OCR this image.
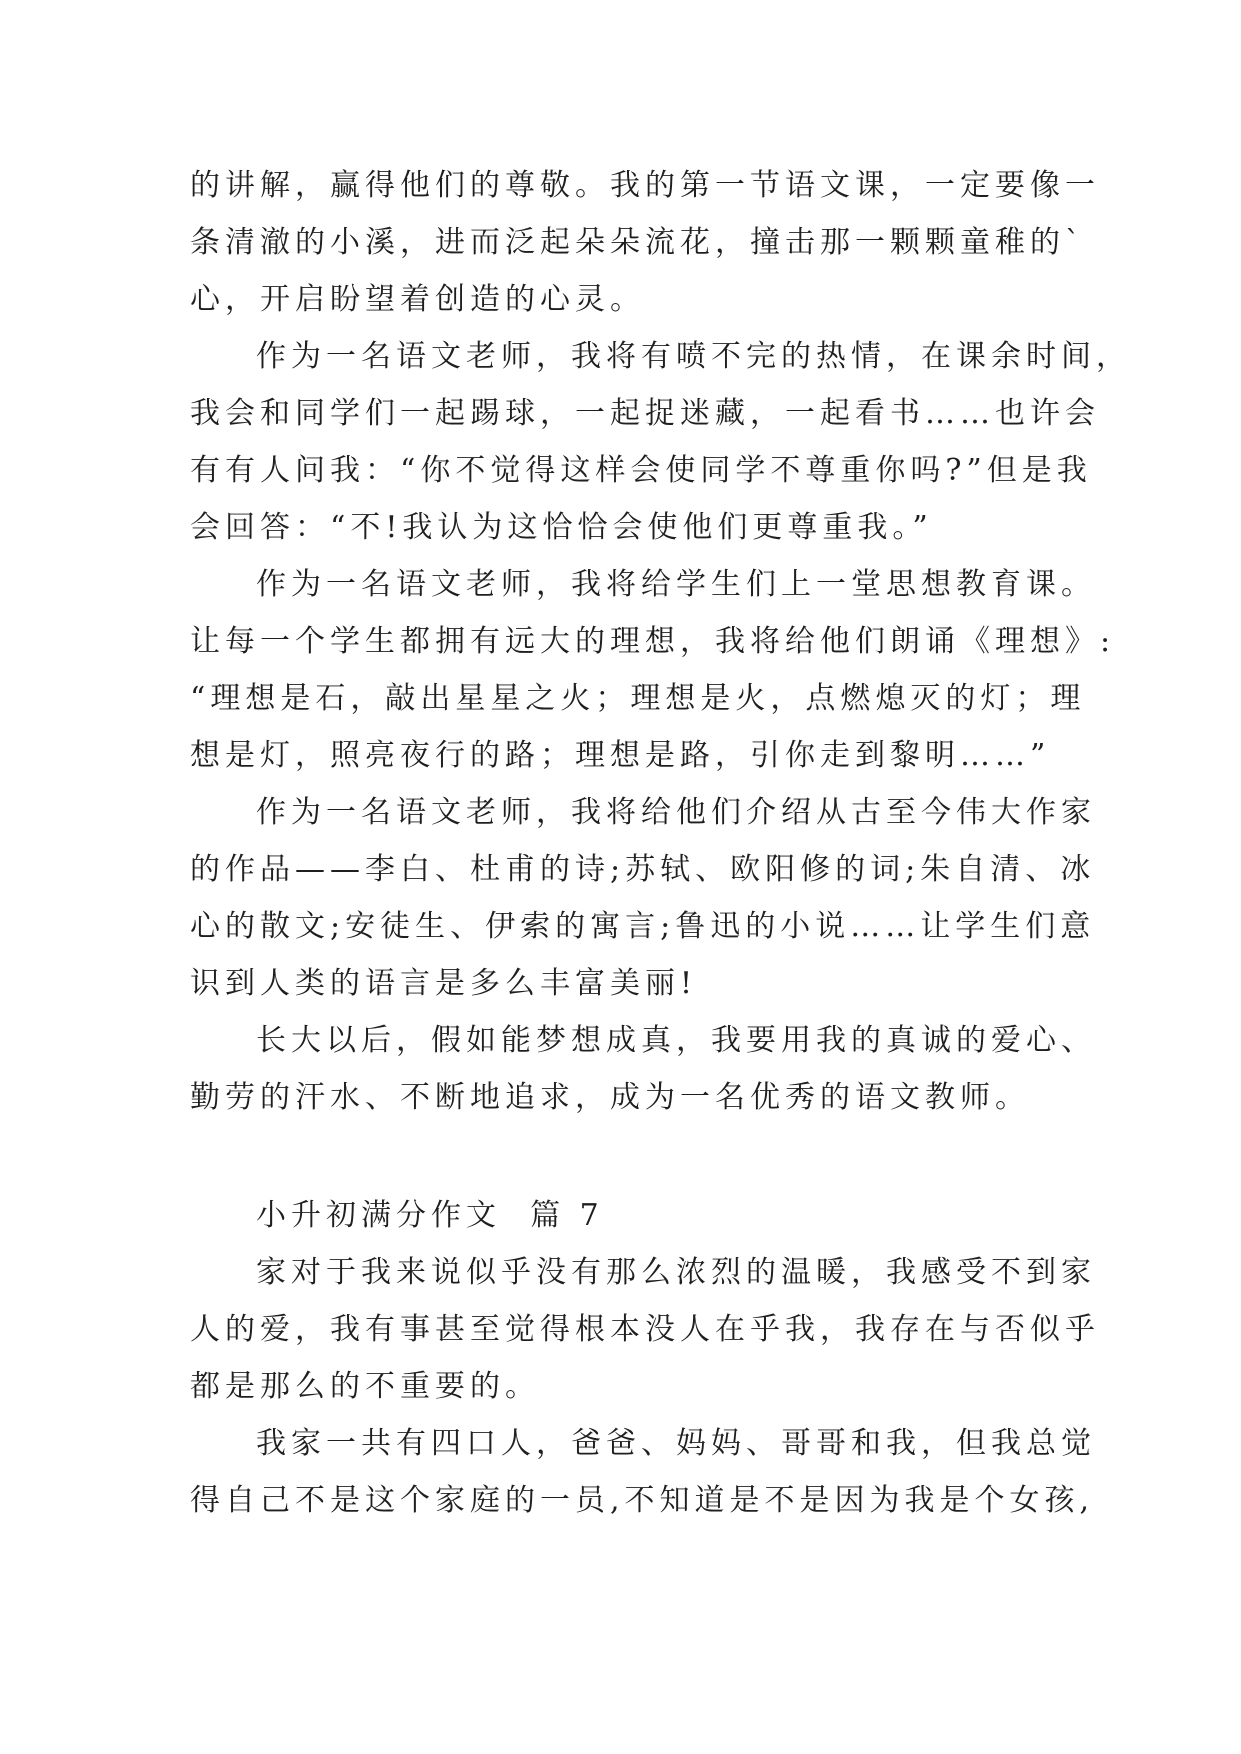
的讲解，赢得他们的尊敬。我的第一节语文课，一定要像一
条清澈的小溪，进而泛起朵朵流花，撞击那一颗颗童稚的`
心，开启盼望着创造的心灵。
作为一名语文老师，我将有喷不完的热情，在课余时间，
我会和同学们一起踢球，一起捉迷藏，一起看书……也许会
有有人问我：“你不觉得这样会使同学不尊重你吗?”但是我
会回答：“不!我认为这恰恰会使他们更尊重我。”
作为一名语文老师，我将给学生们上一堂思想教育课。
让每一个学生都拥有远大的理想，我将给他们朗诵《理想》:
“理想是石，敲出星星之火；理想是火，点燃熄灭的灯；理
想是灯，照亮夜行的路；理想是路，引你走到黎明……”
作为一名语文老师，我将给他们介绍从古至今伟大作家
的作品——李白、杜甫的诗;苏轼、欧阳修的词;朱自清、冰
心的散文;安徒生、伊索的寓言;鲁迅的小说……让学生们意
识到人类的语言是多么丰富美丽!
长大以后，假如能梦想成真，我要用我的真诚的爱心、
勤劳的汗水、不断地追求，成为一名优秀的语文教师。
小升初满分作文  篇 7
家对于我来说似乎没有那么浓烈的温暖，我感受不到家
人的爱，我有事甚至觉得根本没人在乎我，我存在与否似乎
都是那么的不重要的。
我家一共有四口人，爸爸、妈妈、哥哥和我，但我总觉
得自己不是这个家庭的一员,不知道是不是因为我是个女孩,
